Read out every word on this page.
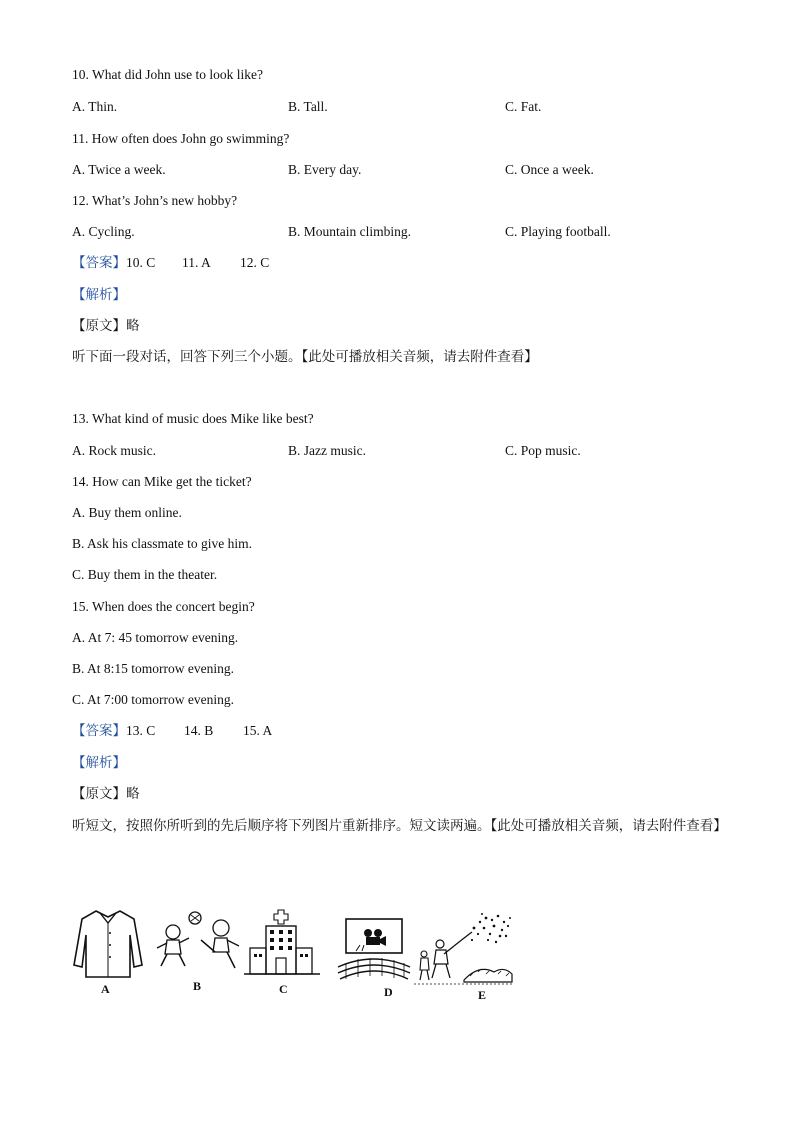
10. What did John use to look like?
A. Thin.	B. Tall.	C. Fat.
11. How often does John go swimming?
A. Twice a week.	B. Every day.	C. Once a week.
12. What’s John’s new hobby?
A. Cycling.	B. Mountain climbing.	C. Playing football.
【答案】10. C 11. A 12. C
【解析】
【原文】略
听下面一段对话，回答下列三个小题。【此处可播放相关音频，请去附件查看】
13. What kind of music does Mike like best?
A. Rock music.	B. Jazz music.	C. Pop music.
14. How can Mike get the ticket?
A. Buy them online.
B. Ask his classmate to give him.
C. Buy them in the theater.
15. When does the concert begin?
A. At 7: 45 tomorrow evening.
B. At 8:15 tomorrow evening.
C. At 7:00 tomorrow evening.
【答案】13. C 14. B 15. A
【解析】
【原文】略
听短文，按照你所听到的先后顺序将下列图片重新排序。短文读两遍。【此处可播放相关音频，请去附件查看】
A	B	C	D	E
